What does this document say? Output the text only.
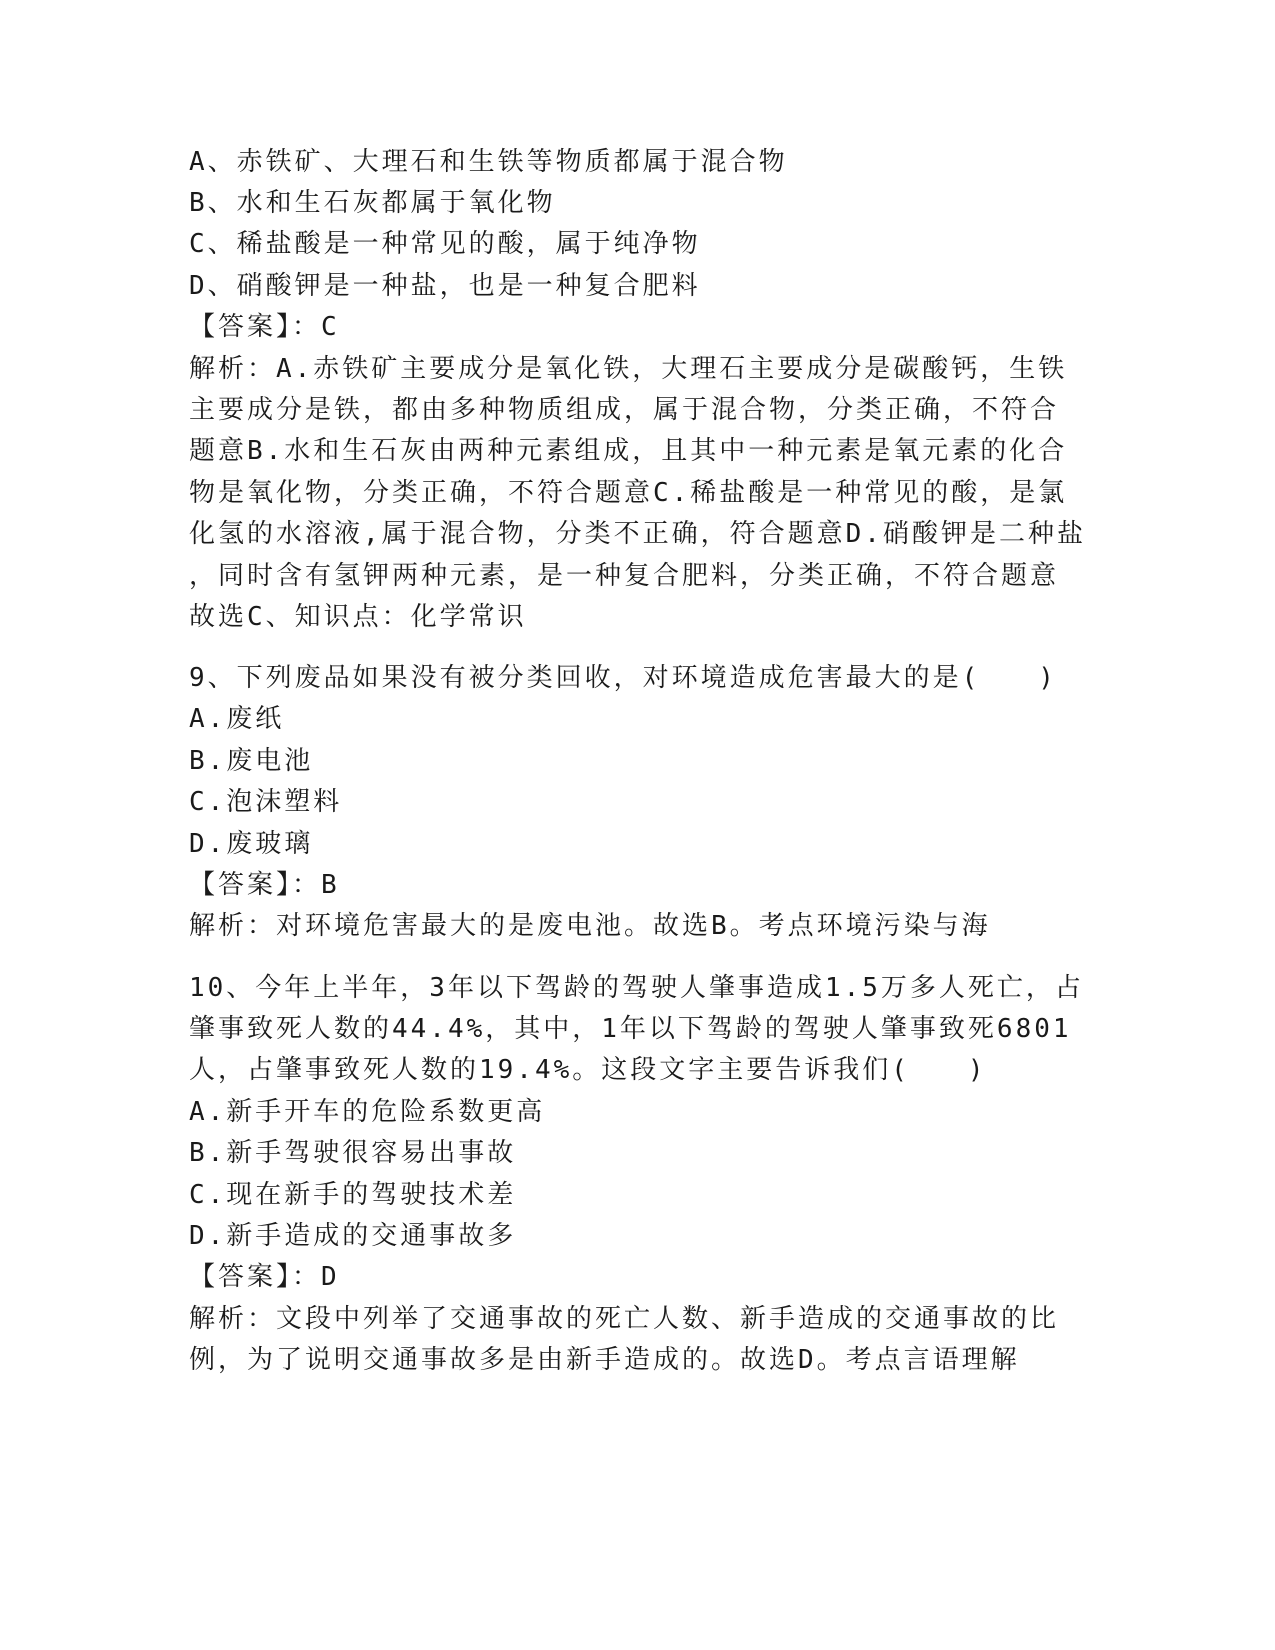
A、赤铁矿、大理石和生铁等物质都属于混合物
B、水和生石灰都属于氧化物
C、稀盐酸是一种常见的酸，属于纯净物
D、硝酸钾是一种盐，也是一种复合肥料
【答案】：C
解析：A.赤铁矿主要成分是氧化铁，大理石主要成分是碳酸钙，生铁
主要成分是铁，都由多种物质组成，属于混合物，分类正确，不符合
题意B.水和生石灰由两种元素组成，且其中一种元素是氧元素的化合
物是氧化物，分类正确，不符合题意C.稀盐酸是一种常见的酸，是氯
化氢的水溶液,属于混合物，分类不正确，符合题意D.硝酸钾是二种盐
，同时含有氢钾两种元素，是一种复合肥料，分类正确，不符合题意
故选C、知识点：化学常识
9、下列废品如果没有被分类回收，对环境造成危害最大的是(　　)
A.废纸
B.废电池
C.泡沫塑料
D.废玻璃
【答案】：B
解析：对环境危害最大的是废电池。故选B。考点环境污染与海
10、今年上半年，3年以下驾龄的驾驶人肇事造成1.5万多人死亡，占
肇事致死人数的44.4%，其中，1年以下驾龄的驾驶人肇事致死6801
人，占肇事致死人数的19.4%。这段文字主要告诉我们(　　)
A.新手开车的危险系数更高
B.新手驾驶很容易出事故
C.现在新手的驾驶技术差
D.新手造成的交通事故多
【答案】：D
解析：文段中列举了交通事故的死亡人数、新手造成的交通事故的比
例，为了说明交通事故多是由新手造成的。故选D。考点言语理解
